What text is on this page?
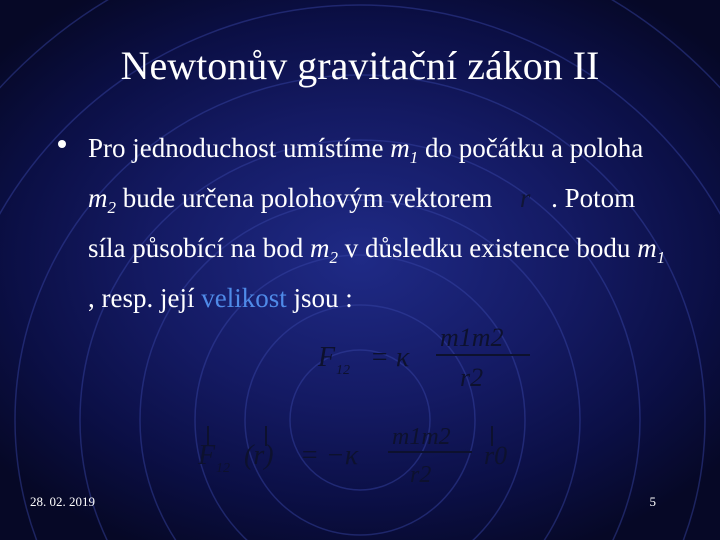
Newtonův gravitační zákon II
Pro jednoduchost umístíme $m_1$ do počátku a poloha $m_2$ bude určena polohovým vektorem r . Potom síla působící na bod $m_2$ v důsledku existence bodu $m_1$ , resp. její velikost jsou :
F 12 = κ
m1m2
r2
F 12 (r) = −κ
m1m2
r2
r0
28. 02. 2019	5
